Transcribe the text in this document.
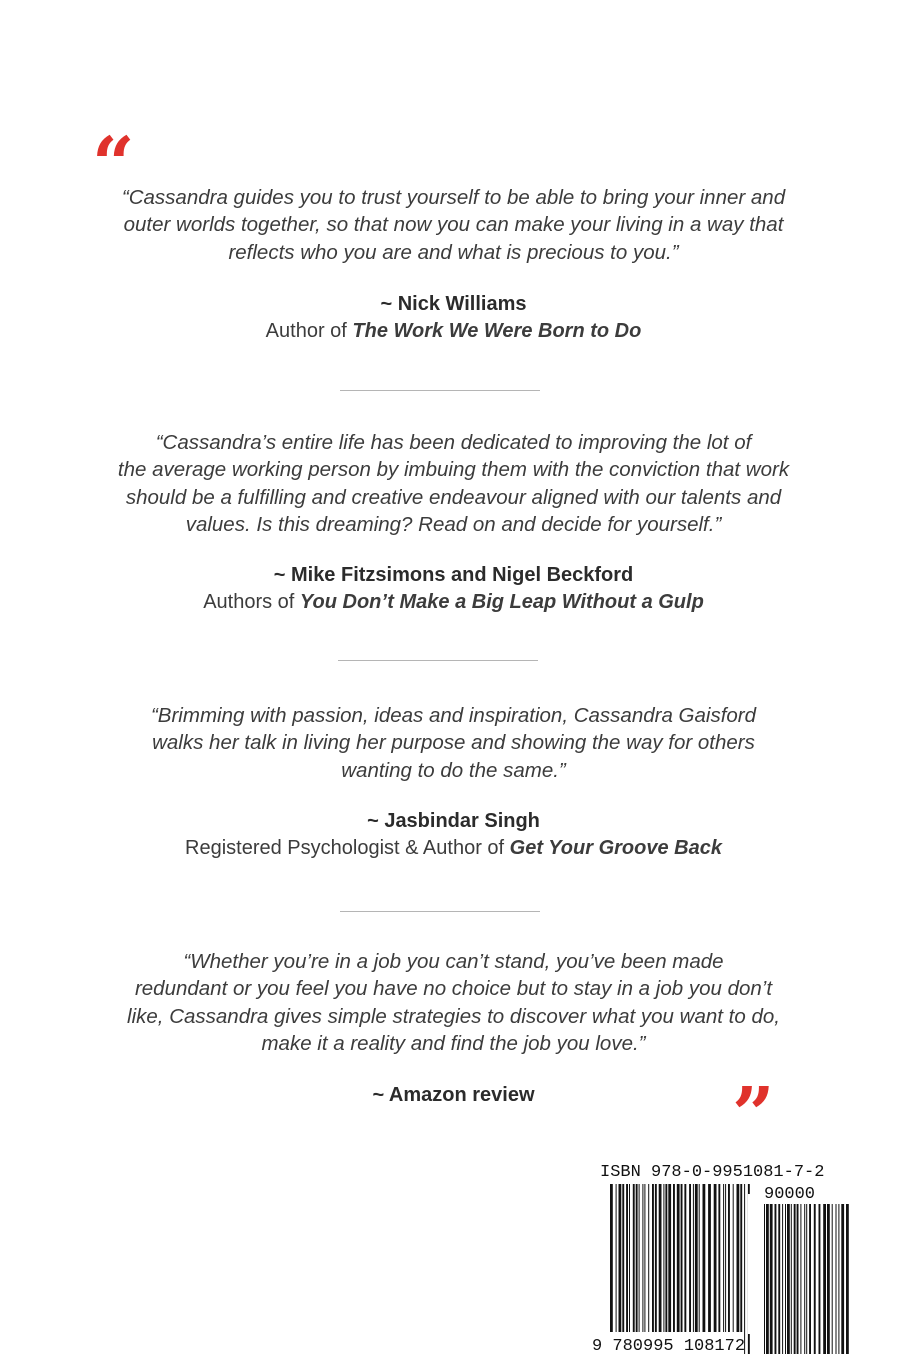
“

“Cassandra guides you to trust yourself to be able to bring your inner and
outer worlds together, so that now you can make your living in a way that
reflects who you are and what is precious to you.”

~ Nick Williams

Author of The Work We Were Born to Do

“Cassandra’s entire life has been dedicated to improving the lot of
the average working person by imbuing them with the conviction that work
should be a fulfilling and creative endeavour aligned with our talents and
values. Is this dreaming? Read on and decide for yourself.”

~ Mike Fitzsimons and Nigel Beckford

Authors of You Don’t Make a Big Leap Without a Gulp

“Brimming with passion, ideas and inspiration, Cassandra Gaisford
walks her talk in living her purpose and showing the way for others
wanting to do the same.”

~ Jasbindar Singh

Registered Psychologist & Author of Get Your Groove Back

“Whether you’re in a job you can’t stand, you’ve been made
redundant or you feel you have no choice but to stay in a job you don’t
like, Cassandra gives simple strategies to discover what you want to do,
make it a reality and find the job you love.”

~ Amazon review	”
ISBN 978-0-9951081-7-2
90000
9 780995 108172
